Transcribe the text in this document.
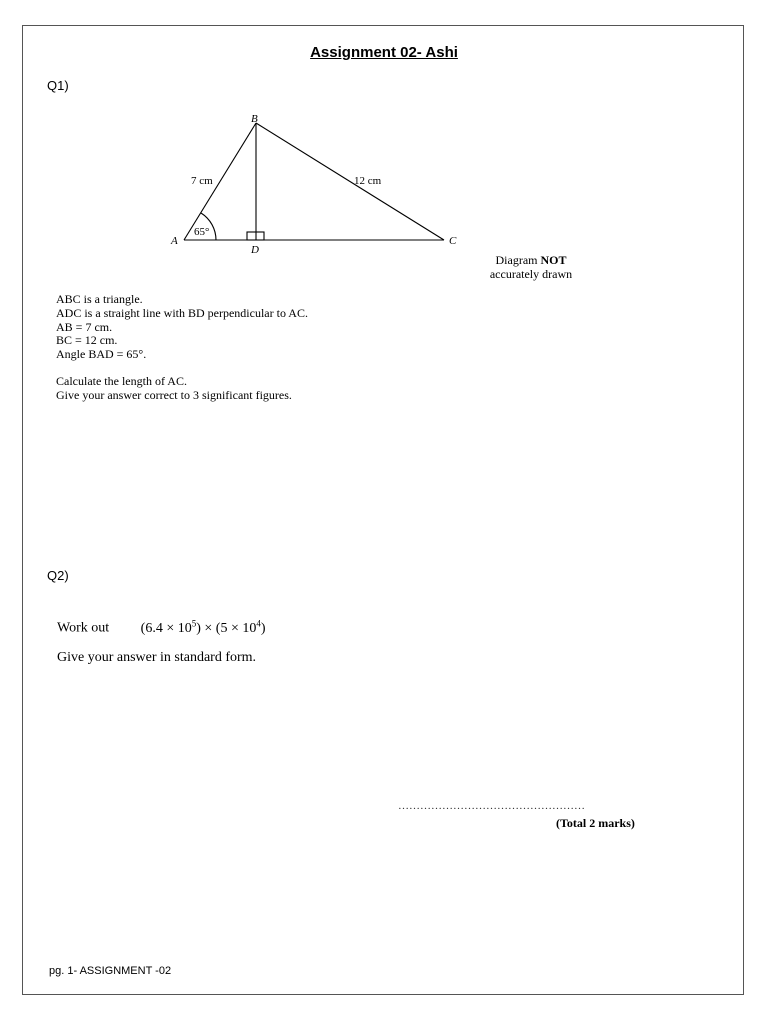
Assignment 02- Ashi
Q1)
B
A
D
C
7 cm	12 cm
65°
Diagram NOT
accurately drawn
ABC is a triangle.
ADC is a straight line with BD perpendicular to AC.
AB = 7 cm.
BC = 12 cm.
Angle BAD = 65°.
Calculate the length of AC.
Give your answer correct to 3 significant figures.
Q2)
Work out $(6.4 \times 10^5) \times (5 \times 10^4)$
Give your answer in standard form.
……………………………………………
(Total 2 marks)
pg. 1- ASSIGNMENT -02
